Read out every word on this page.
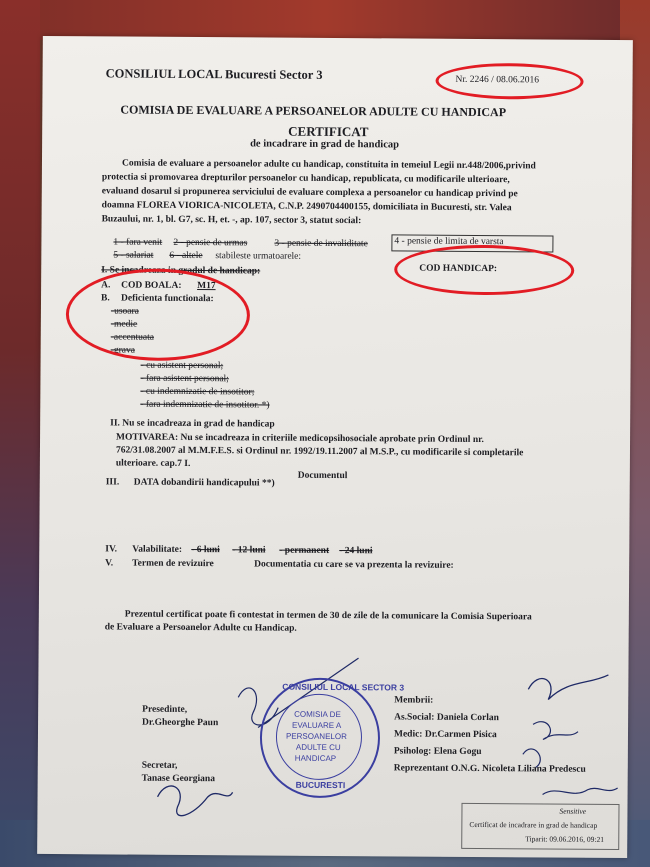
CONSILIUL LOCAL Bucuresti Sector 3	Nr. 2246 / 08.06.2016
COMISIA DE EVALUARE A PERSOANELOR ADULTE CU HANDICAP
CERTIFICAT
de incadrare in grad de handicap
Comisia de evaluare a persoanelor adulte cu handicap, constituita in temeiul Legii nr.448/2006,privind
protectia si promovarea drepturilor persoanelor cu handicap, republicata, cu modificarile ulterioare,
evaluand dosarul si propunerea serviciului de evaluare complexa a persoanelor cu handicap privind pe
doamna FLOREA VIORICA-NICOLETA, C.N.P. 2490704400155, domiciliata in Bucuresti, str. Valea
Buzaului, nr. 1, bl. G7, sc. H, et. -, ap. 107, sector 3, statut social:
1 - fara venit 2 - pensie de urmas	3 - pensie de invaliditate	4 - pensie de limita de varsta
5 - salariat 6 - altele stabileste urmatoarele:
I. Se incadreaza in gradul de handicap:	COD HANDICAP:
A. COD BOALA: M17
B. Deficienta functionala:
-usoara
-medie
-accentuata
-grava
- cu asistent personal;
- fara asistent personal;
- cu indemnizatie de insotitor;
- fara indemnizatie de insotitor. *)
II. Nu se incadreaza in grad de handicap
MOTIVAREA: Nu se incadreaza in criteriile medicopsihosociale aprobate prin Ordinul nr.
762/31.08.2007 al M.M.F.E.S. si Ordinul nr. 1992/19.11.2007 al M.S.P., cu modificarile si completarile
ulterioare. cap.7 I.
III. DATA dobandirii handicapului **)
Documentul
IV. Valabilitate: - 6 luni - 12 luni - permanent - 24 luni
V. Termen de revizuire	Documentatia cu care se va prezenta la revizuire:
Prezentul certificat poate fi contestat in termen de 30 de zile de la comunicare la Comisia Superioara
de Evaluare a Persoanelor Adulte cu Handicap.
Presedinte,
Dr.Gheorghe Paun
Secretar,
Tanase Georgiana
Membrii:
As.Social: Daniela Corlan
Medic: Dr.Carmen Pisica
Psiholog: Elena Gogu
Reprezentant O.N.G. Nicoleta Liliana Predescu
Sensitive
Certificat de incadrare in grad de handicap
Tiparit: 09.06.2016, 09:21
CONSILIUL LOCAL SECTOR 3
COMISIA DE
EVALUARE A
PERSOANELOR
ADULTE CU
HANDICAP
BUCURESTI
